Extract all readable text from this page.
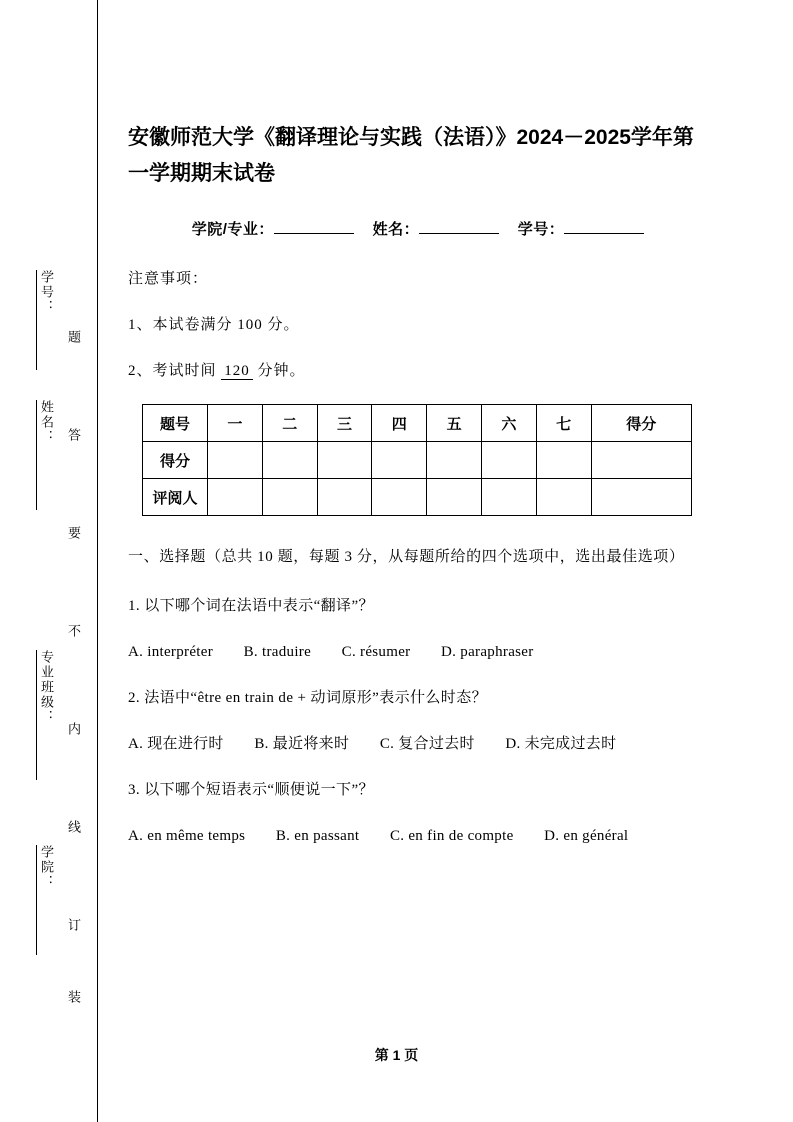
题
答
要
不
内
线
订
装
学号：
姓名：
专业班级：
学院：
安徽师范大学《翻译理论与实践（法语）》2024－2025学年第一学期期末试卷
学院/专业：	姓名：	学号：
注意事项：
1、本试卷满分 100 分。
2、考试时间 120 分钟。
题号	一	二	三	四	五	六	七	得分
得分								
评阅人								
一、选择题（总共 10 题，每题 3 分，从每题所给的四个选项中，选出最佳选项）
1. 以下哪个词在法语中表示“翻译”？
A. interpréter　　B. traduire　　C. résumer　　D. paraphraser
2. 法语中“être en train de + 动词原形”表示什么时态？
A. 现在进行时　　B. 最近将来时　　C. 复合过去时　　D. 未完成过去时
3. 以下哪个短语表示“顺便说一下”？
A. en même temps　　B. en passant　　C. en fin de compte　　D. en général
第 1 页
